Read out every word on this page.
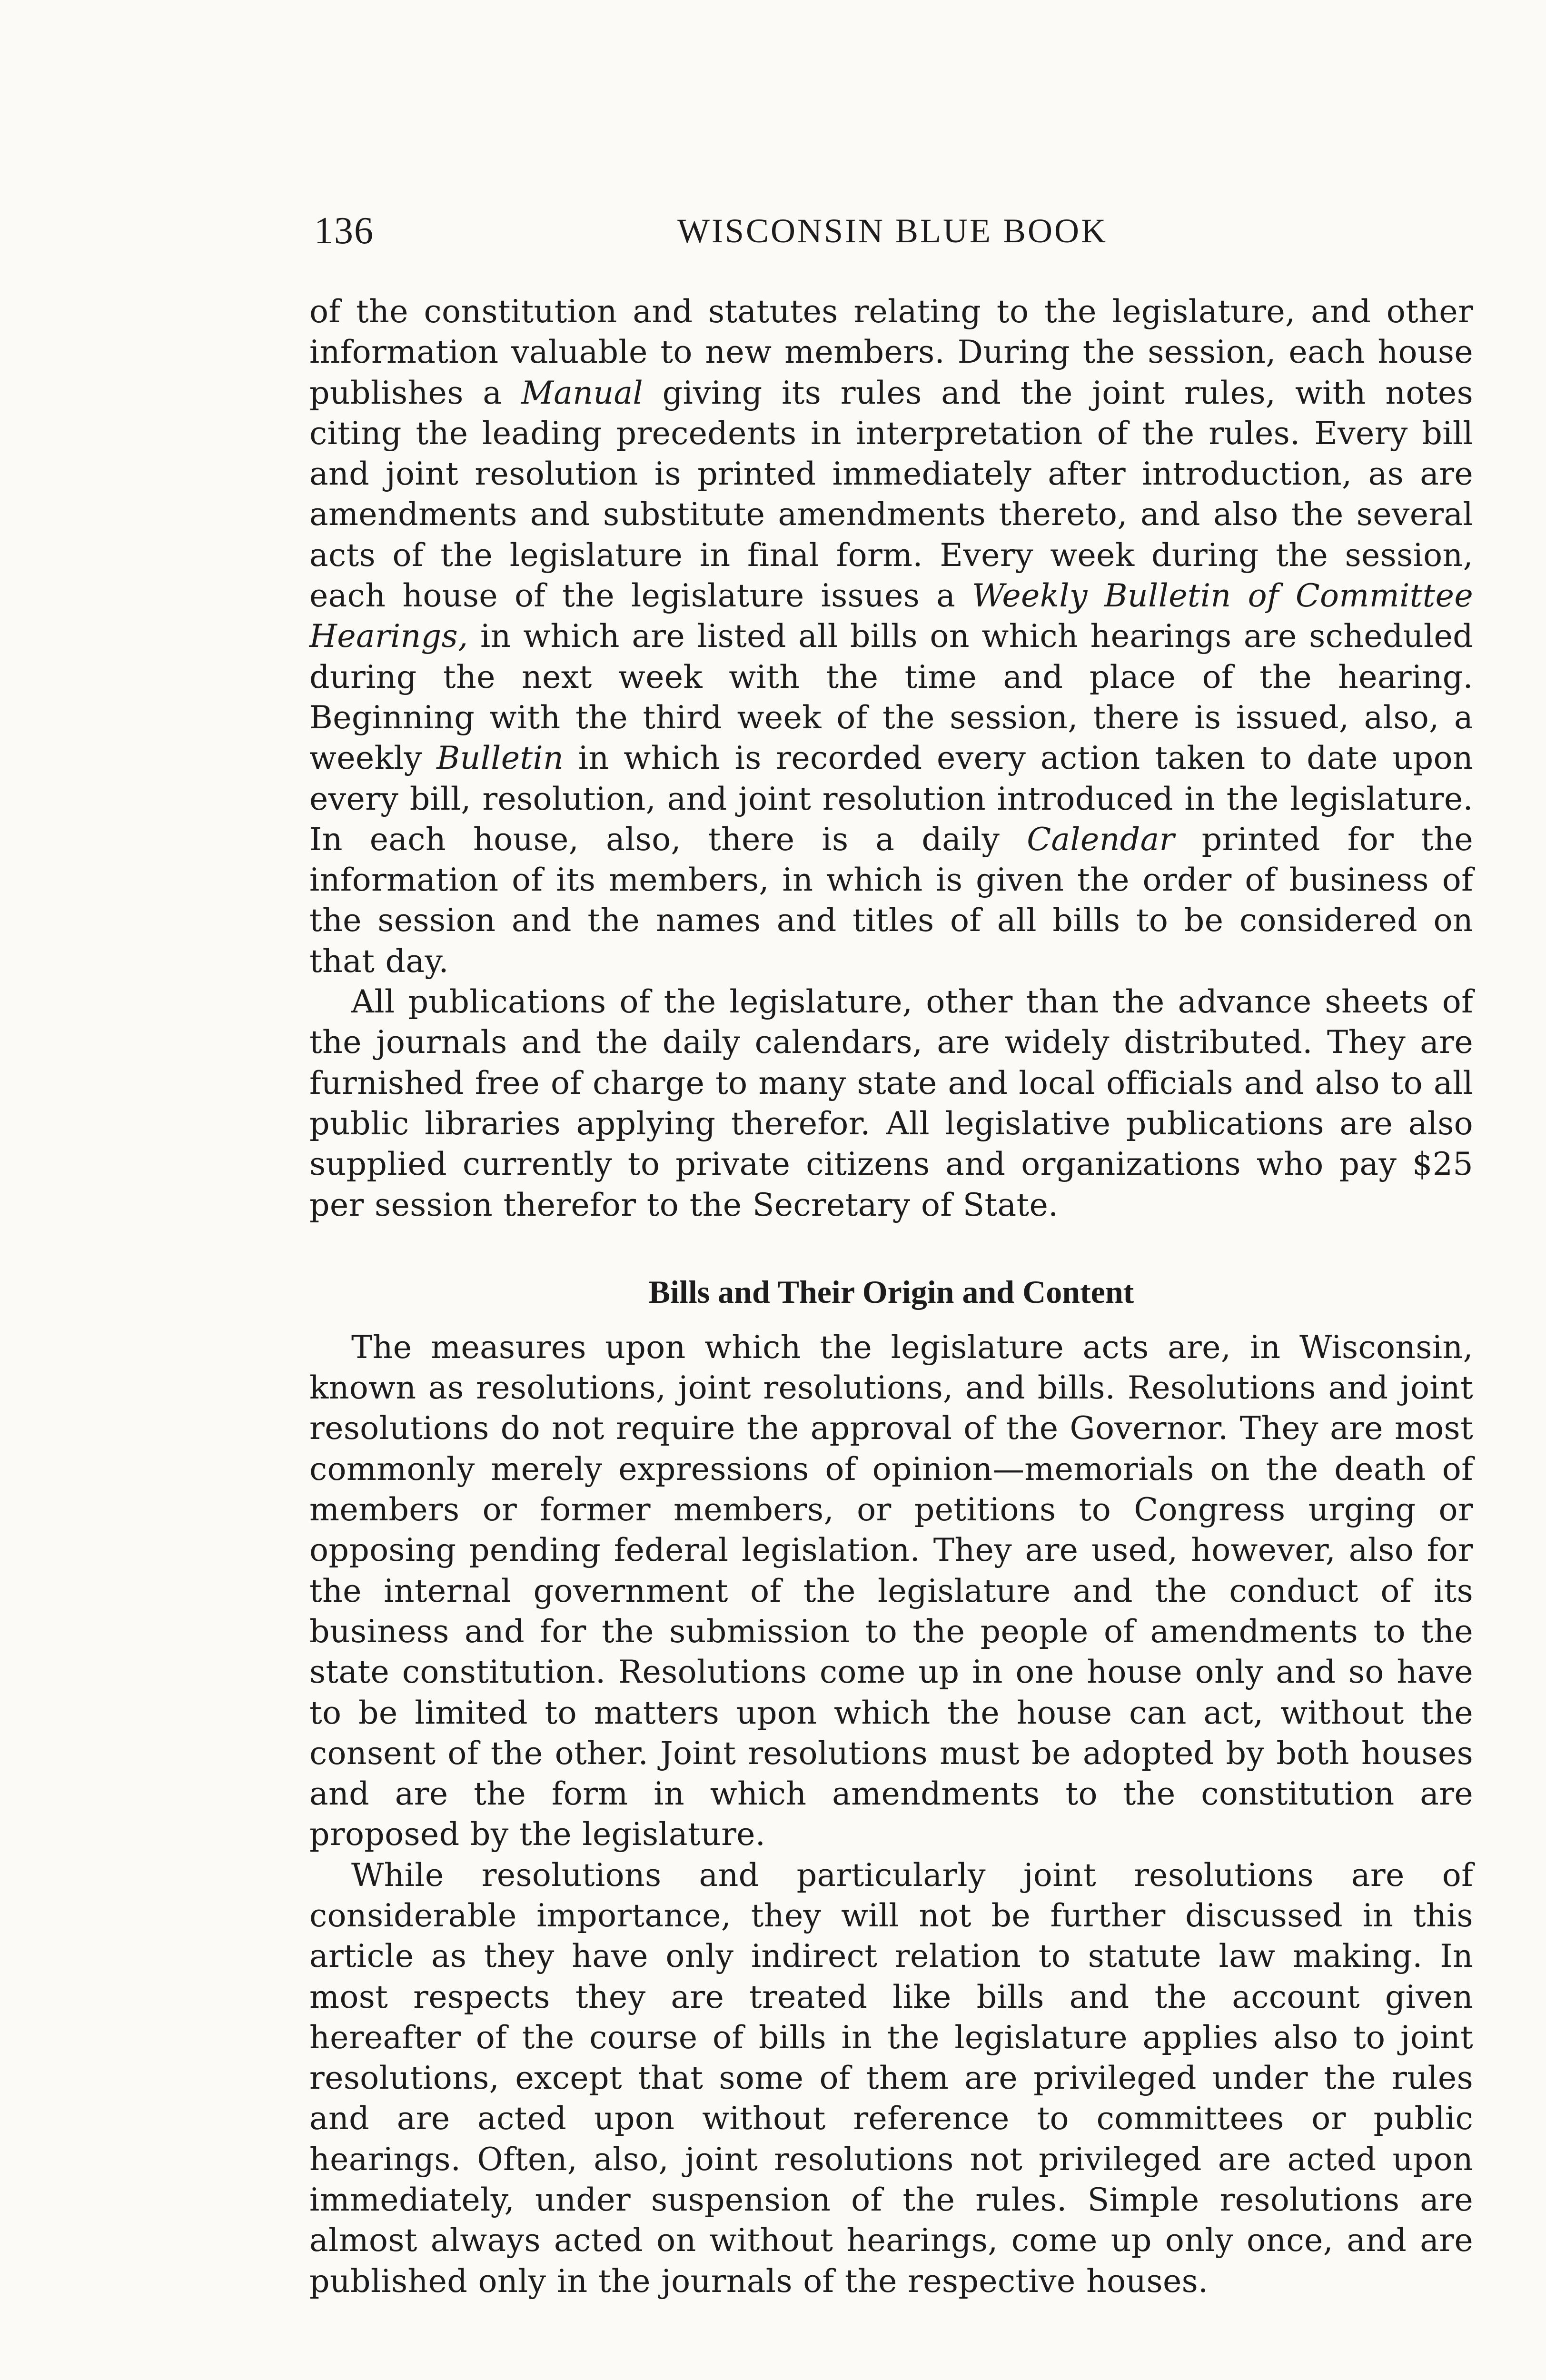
136	WISCONSIN BLUE BOOK

of the constitution and statutes relating to the legislature, and other information valuable to new members. During the session, each house publishes a Manual giving its rules and the joint rules, with notes citing the leading precedents in interpretation of the rules. Every bill and joint resolution is printed immediately after introduction, as are amendments and substitute amendments thereto, and also the several acts of the legislature in final form. Every week during the session, each house of the legislature issues a Weekly Bulletin of Committee Hearings, in which are listed all bills on which hearings are scheduled during the next week with the time and place of the hearing. Beginning with the third week of the session, there is issued, also, a weekly Bulletin in which is recorded every action taken to date upon every bill, resolution, and joint resolution introduced in the legislature. In each house, also, there is a daily Calendar printed for the information of its members, in which is given the order of business of the session and the names and titles of all bills to be considered on that day.

All publications of the legislature, other than the advance sheets of the journals and the daily calendars, are widely distributed. They are furnished free of charge to many state and local officials and also to all public libraries applying therefor. All legislative publications are also supplied currently to private citizens and organizations who pay $25 per session therefor to the Secretary of State.

Bills and Their Origin and Content

The measures upon which the legislature acts are, in Wisconsin, known as resolutions, joint resolutions, and bills. Resolutions and joint resolutions do not require the approval of the Governor. They are most commonly merely expressions of opinion—memorials on the death of members or former members, or petitions to Congress urging or opposing pending federal legislation. They are used, however, also for the internal government of the legislature and the conduct of its business and for the submission to the people of amendments to the state constitution. Resolutions come up in one house only and so have to be limited to matters upon which the house can act, without the consent of the other. Joint resolutions must be adopted by both houses and are the form in which amendments to the constitution are proposed by the legislature.

While resolutions and particularly joint resolutions are of considerable importance, they will not be further discussed in this article as they have only indirect relation to statute law making. In most respects they are treated like bills and the account given hereafter of the course of bills in the legislature applies also to joint resolutions, except that some of them are privileged under the rules and are acted upon without reference to committees or public hearings. Often, also, joint resolutions not privileged are acted upon immediately, under suspension of the rules. Simple resolutions are almost always acted on without hearings, come up only once, and are published only in the journals of the respective houses.
